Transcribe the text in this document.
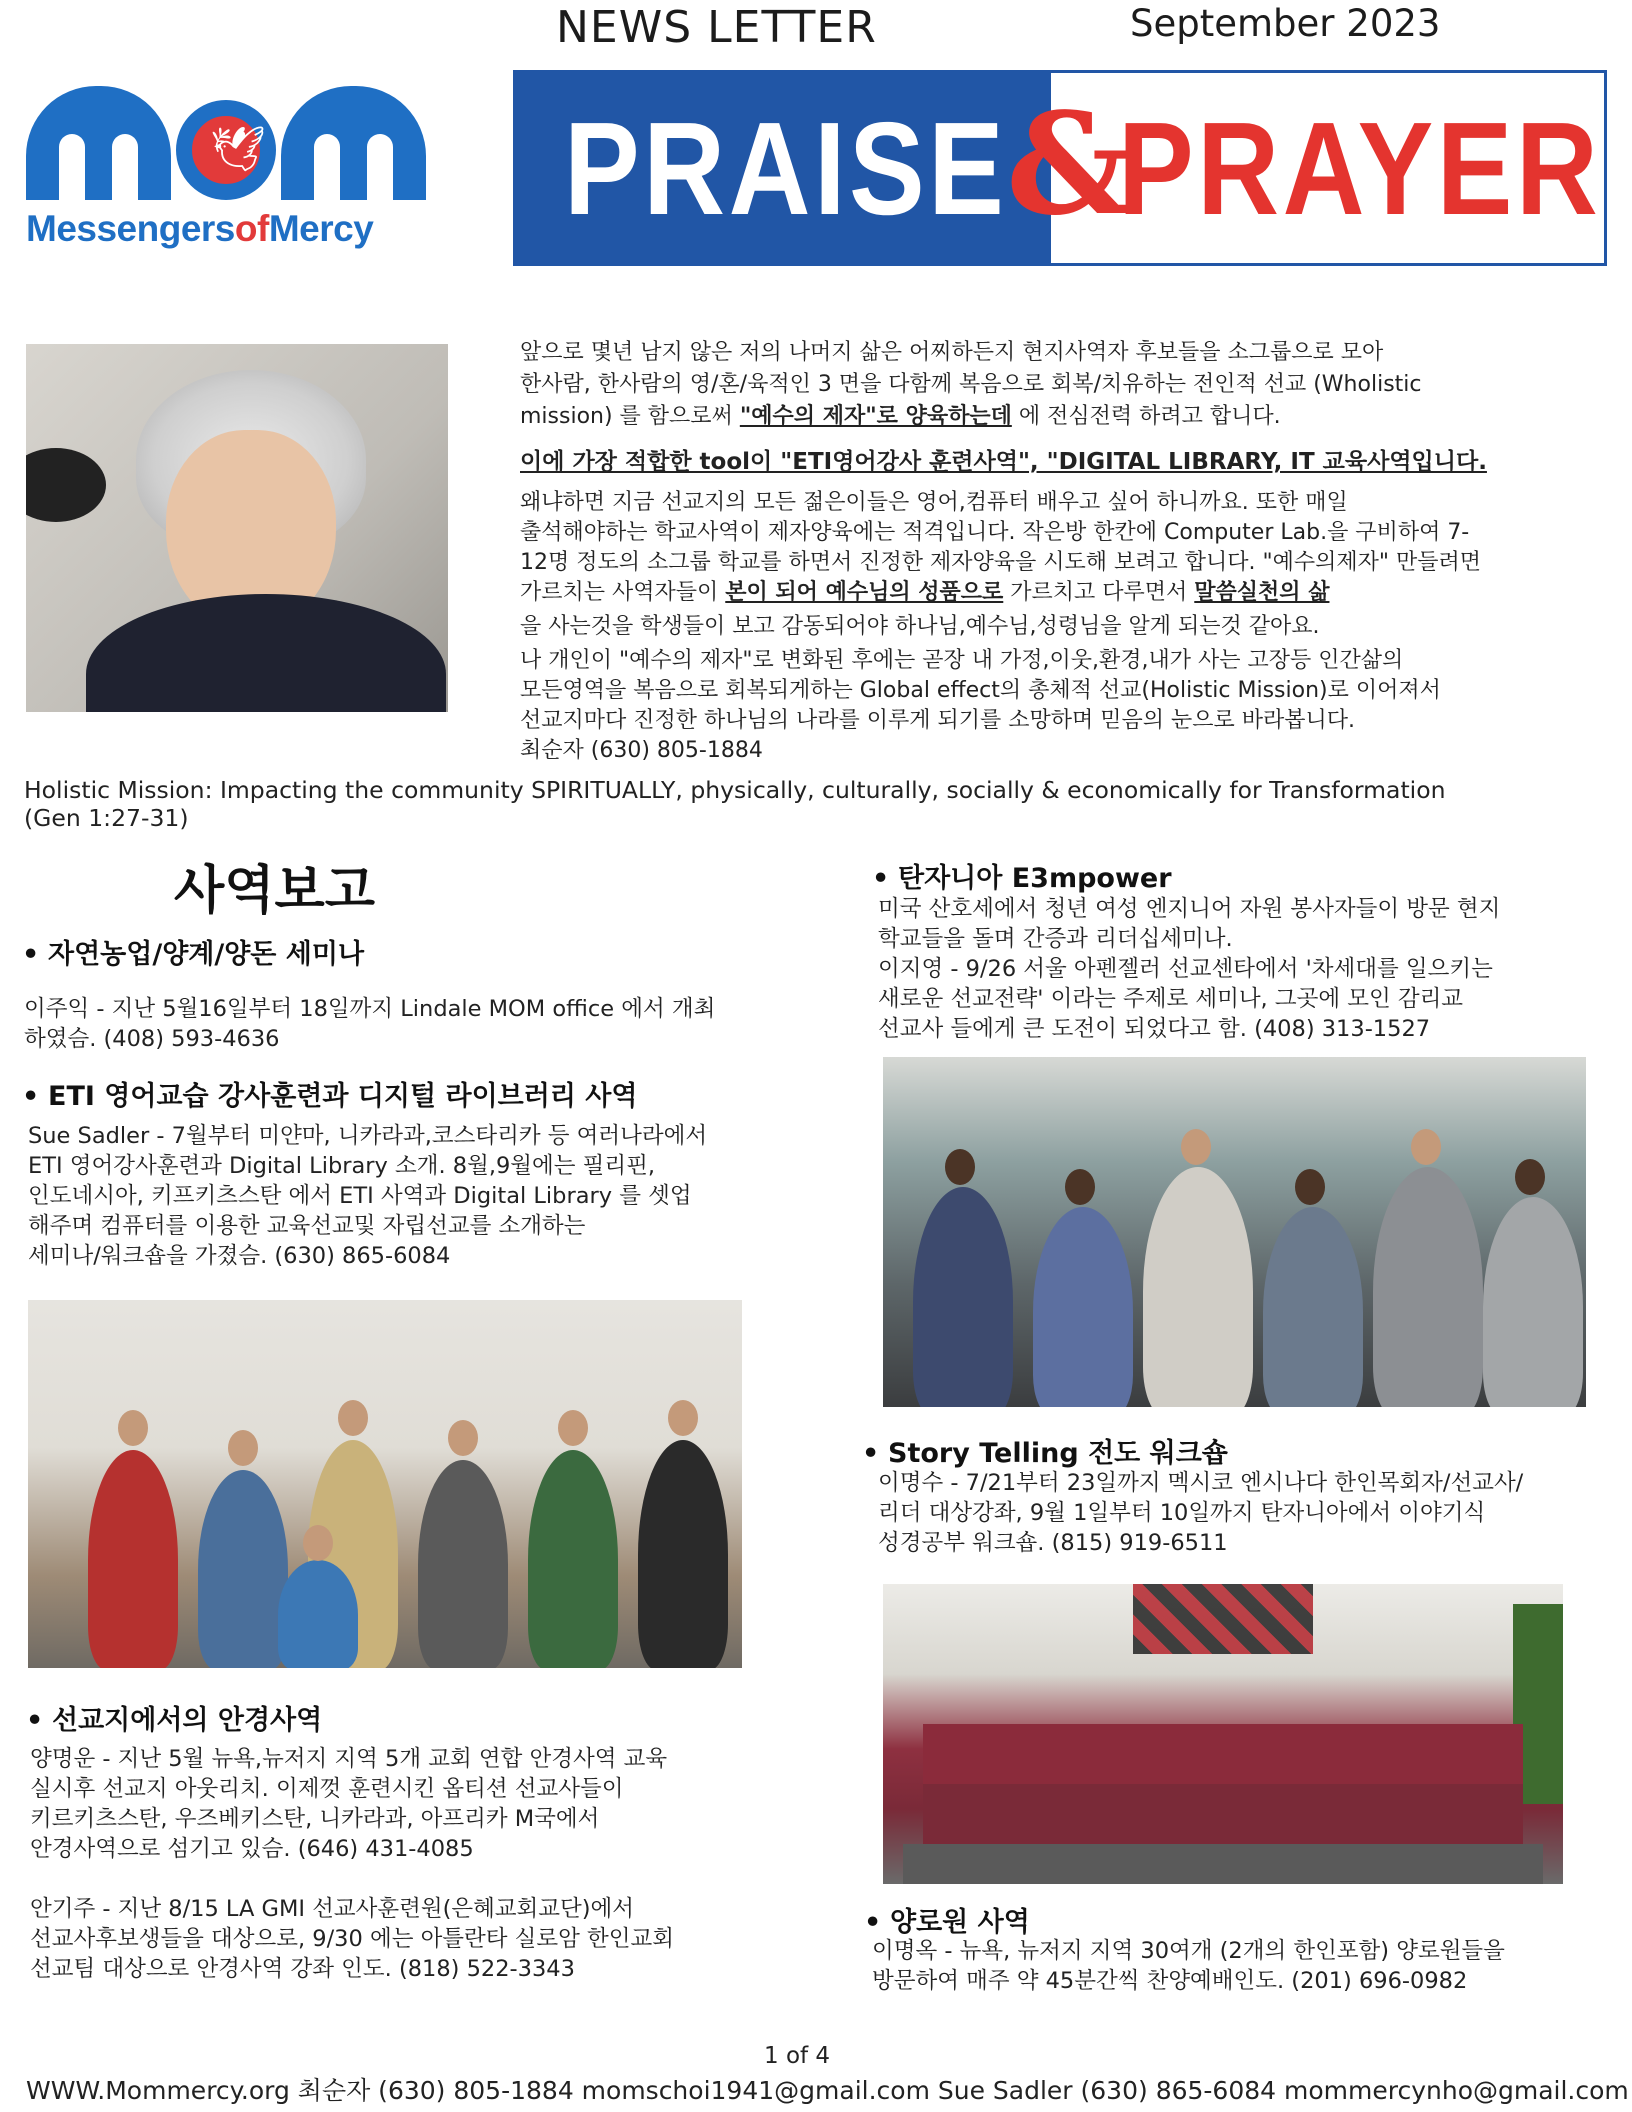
NEWS LETTER	September 2023
🕊
MessengersofMercy PRAISE
&
PRAYER
앞으로 몇년 남지 않은 저의 나머지 삶은 어찌하든지 현지사역자 후보들을 소그룹으로 모아
한사람, 한사람의 영/혼/육적인 3 면을 다함께 복음으로 회복/치유하는 전인적 선교 (Wholistic
mission) 를 함으로써 "예수의 제자"로 양육하는데 에 전심전력 하려고 합니다.
이에 가장 적합한 tool이 "ETI영어강사 훈련사역", "DIGITAL LIBRARY, IT 교육사역입니다.
왜냐하면 지금 선교지의 모든 젊은이들은 영어,컴퓨터 배우고 싶어 하니까요. 또한 매일
출석해야하는 학교사역이 제자양육에는 적격입니다. 작은방 한칸에 Computer Lab.을 구비하여 7-
12명 정도의 소그룹 학교를 하면서 진정한 제자양육을 시도해 보려고 합니다. "예수의제자" 만들려면
가르치는 사역자들이 본이 되어 예수님의 성품으로 가르치고 다루면서 말씀실천의 삶
을 사는것을 학생들이 보고 감동되어야 하나님,예수님,성령님을 알게 되는것 같아요.
나 개인이 "예수의 제자"로 변화된 후에는 곧장 내 가정,이웃,환경,내가 사는 고장등 인간삶의
모든영역을 복음으로 회복되게하는 Global effect의 총체적 선교(Holistic Mission)로 이어져서
선교지마다 진정한 하나님의 나라를 이루게 되기를 소망하며 믿음의 눈으로 바라봅니다.
최순자 (630) 805-1884
Holistic Mission: Impacting the community SPIRITUALLY, physically, culturally, socially & economically for Transformation
(Gen 1:27-31)
사역보고
• 자연농업/양계/양돈 세미나
이주익 - 지난 5월16일부터 18일까지 Lindale MOM office 에서 개최
하였슴. (408) 593-4636
• ETI 영어교습 강사훈련과 디지털 라이브러리 사역
Sue Sadler - 7월부터 미얀마, 니카라과,코스타리카 등 여러나라에서
ETI 영어강사훈련과 Digital Library 소개. 8월,9월에는 필리핀,
인도네시아, 키프키츠스탄 에서 ETI 사역과 Digital Library 를 셋업
해주며 컴퓨터를 이용한 교육선교및 자립선교를 소개하는
세미나/워크숍을 가졌슴. (630) 865-6084
• 선교지에서의 안경사역
양명운 - 지난 5월 뉴욕,뉴저지 지역 5개 교회 연합 안경사역 교육
실시후 선교지 아웃리치. 이제껏 훈련시킨 옵티션 선교사들이
키르키츠스탄, 우즈베키스탄, 니카라과, 아프리카 M국에서
안경사역으로 섬기고 있슴. (646) 431-4085
안기주 - 지난 8/15 LA GMI 선교사훈련원(은혜교회교단)에서
선교사후보생들을 대상으로, 9/30 에는 아틀란타 실로암 한인교회
선교팀 대상으로 안경사역 강좌 인도. (818) 522-3343
• 탄자니아 E3mpower
미국 산호세에서 청년 여성 엔지니어 자원 봉사자들이 방문 현지
학교들을 돌며 간증과 리더십세미나.
이지영 - 9/26 서울 아펜젤러 선교센타에서 '차세대를 일으키는
새로운 선교전략' 이라는 주제로 세미나, 그곳에 모인 감리교
선교사 들에게 큰 도전이 되었다고 함. (408) 313-1527
• Story Telling 전도 워크숍
이명수 - 7/21부터 23일까지 멕시코 엔시나다 한인목회자/선교사/
리더 대상강좌, 9월 1일부터 10일까지 탄자니아에서 이야기식
성경공부 워크숍. (815) 919-6511
• 양로원 사역
이명옥 - 뉴욕, 뉴저지 지역 30여개 (2개의 한인포함) 양로원들을
방문하여 매주 약 45분간씩 찬양예배인도. (201) 696-0982
1 of 4
WWW.Mommercy.org 최순자 (630) 805-1884 momschoi1941@gmail.com Sue Sadler (630) 865-6084 mommercynho@gmail.com
